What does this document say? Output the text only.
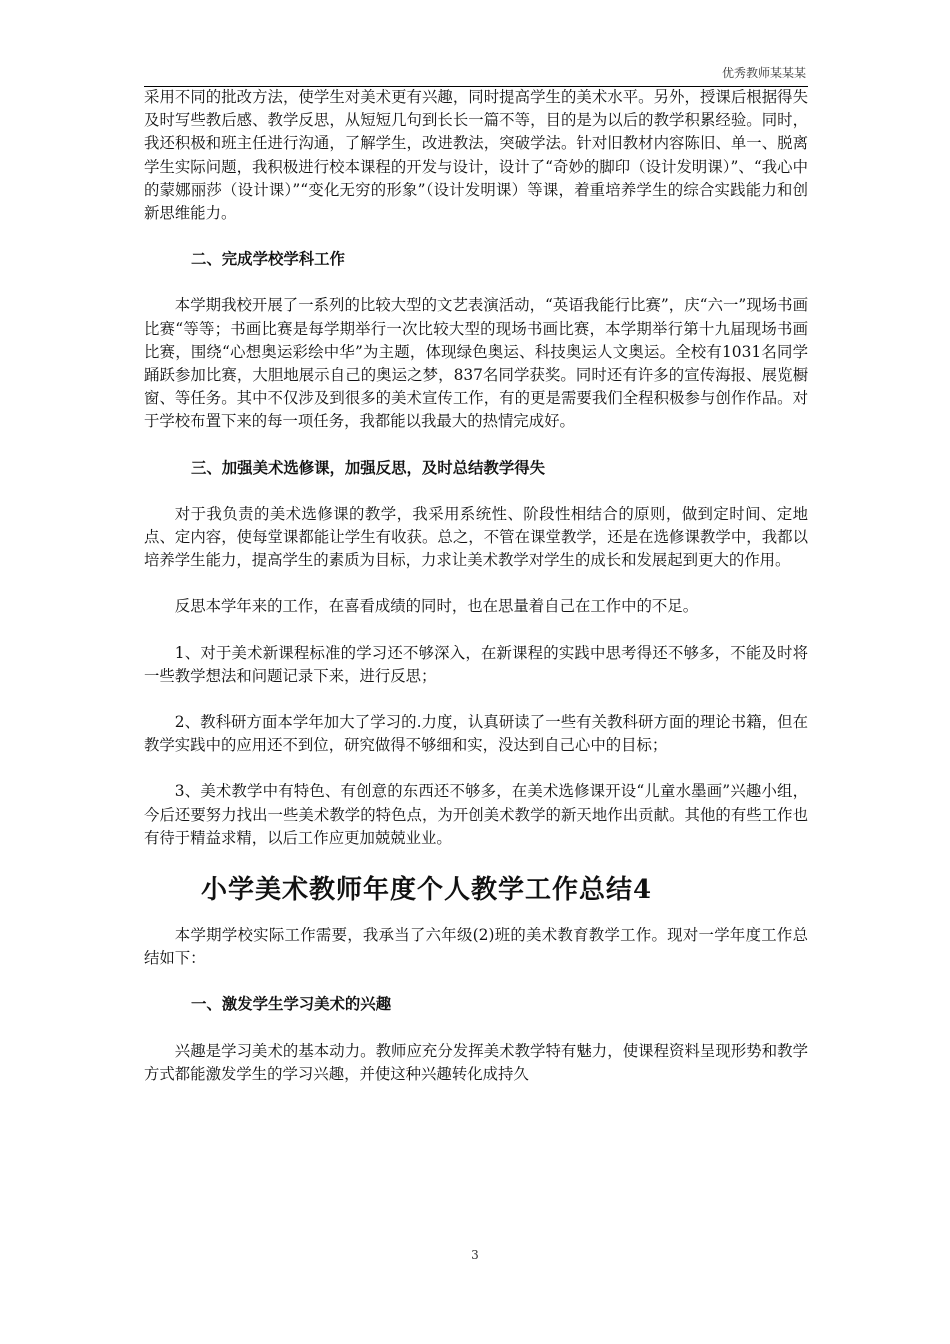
优秀教师某某某

采用不同的批改方法，使学生对美术更有兴趣，同时提高学生的美术水平。另外，授课后根据得失及时写些教后感、教学反思，从短短几句到长长一篇不等，目的是为以后的教学积累经验。同时，我还积极和班主任进行沟通，了解学生，改进教法，突破学法。针对旧教材内容陈旧、单一、脱离学生实际问题，我积极进行校本课程的开发与设计，设计了“奇妙的脚印（设计发明课）”、“我心中的蒙娜丽莎（设计课）”“变化无穷的形象”（设计发明课）等课，着重培养学生的综合实践能力和创新思维能力。

二、完成学校学科工作

本学期我校开展了一系列的比较大型的文艺表演活动，“英语我能行比赛”，庆“六一”现场书画比赛“等等；书画比赛是每学期举行一次比较大型的现场书画比赛，本学期举行第十九届现场书画比赛，围绕“心想奥运彩绘中华”为主题，体现绿色奥运、科技奥运人文奥运。全校有1031名同学踊跃参加比赛，大胆地展示自己的奥运之梦，837名同学获奖。同时还有许多的宣传海报、展览橱窗、等任务。其中不仅涉及到很多的美术宣传工作，有的更是需要我们全程积极参与创作作品。对于学校布置下来的每一项任务，我都能以我最大的热情完成好。

三、加强美术选修课，加强反思，及时总结教学得失

对于我负责的美术选修课的教学，我采用系统性、阶段性相结合的原则，做到定时间、定地点、定内容，使每堂课都能让学生有收获。总之，不管在课堂教学，还是在选修课教学中，我都以培养学生能力，提高学生的素质为目标，力求让美术教学对学生的成长和发展起到更大的作用。

反思本学年来的工作，在喜看成绩的同时，也在思量着自己在工作中的不足。

1、对于美术新课程标准的学习还不够深入，在新课程的实践中思考得还不够多，不能及时将一些教学想法和问题记录下来，进行反思；

2、教科研方面本学年加大了学习的.力度，认真研读了一些有关教科研方面的理论书籍，但在教学实践中的应用还不到位，研究做得不够细和实，没达到自己心中的目标；

3、美术教学中有特色、有创意的东西还不够多，在美术选修课开设“儿童水墨画”兴趣小组，今后还要努力找出一些美术教学的特色点，为开创美术教学的新天地作出贡献。其他的有些工作也有待于精益求精，以后工作应更加兢兢业业。

小学美术教师年度个人教学工作总结4

本学期学校实际工作需要，我承当了六年级(2)班的美术教育教学工作。现对一学年度工作总结如下：

一、激发学生学习美术的兴趣

兴趣是学习美术的基本动力。教师应充分发挥美术教学特有魅力，使课程资料呈现形势和教学方式都能激发学生的学习兴趣，并使这种兴趣转化成持久

3
